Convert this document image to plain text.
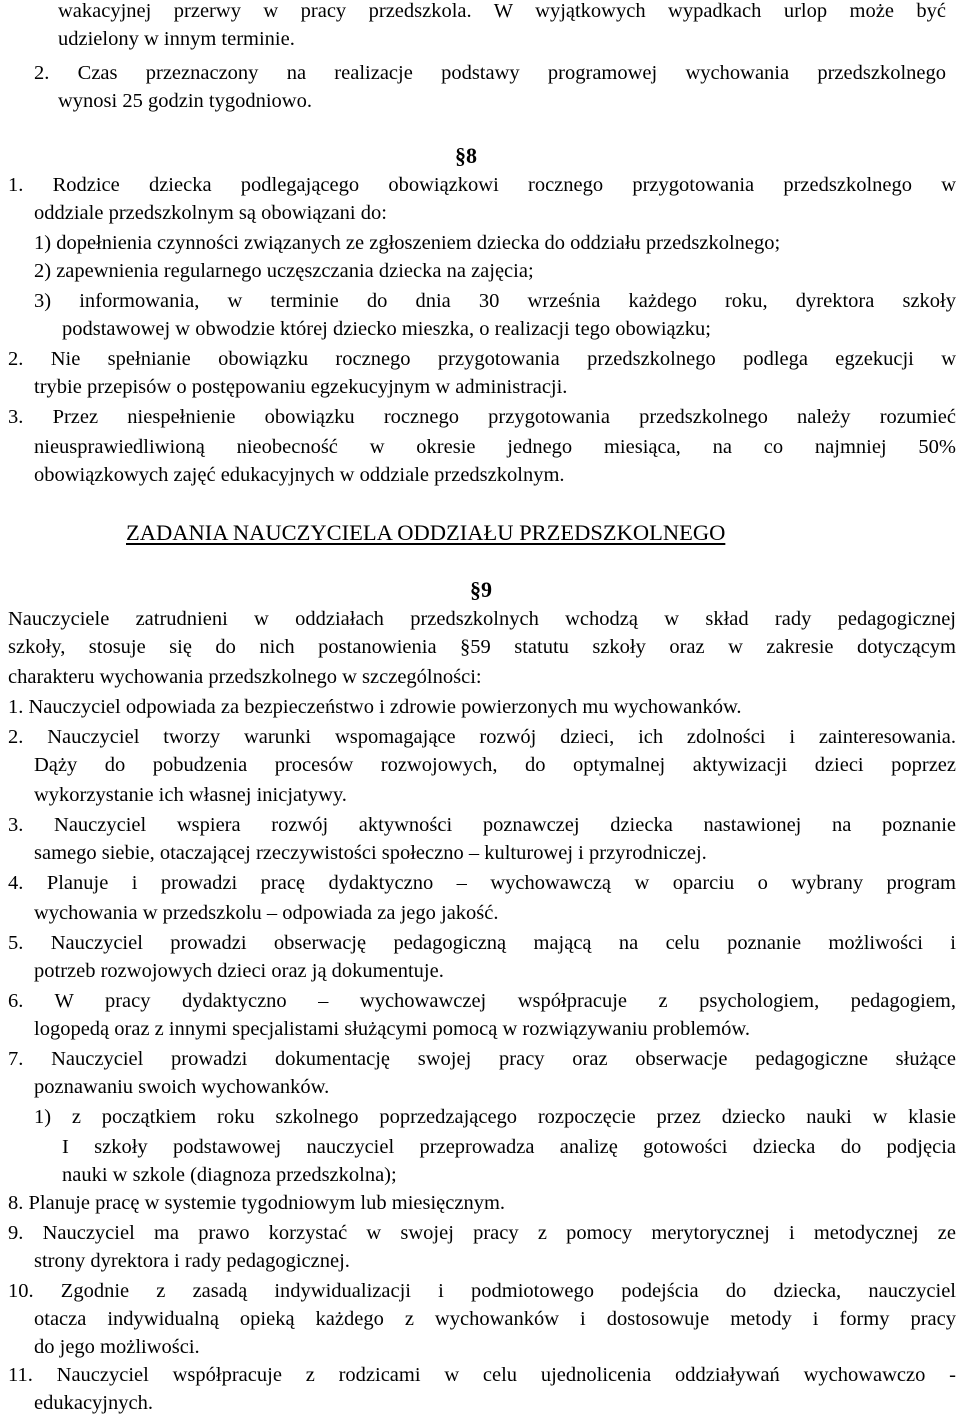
wakacyjnej przerwy w pracy przedszkola. W wyjątkowych wypadkach urlop może być
udzielony w innym terminie.
2. Czas przeznaczony na realizacje podstawy programowej wychowania przedszkolnego
wynosi 25 godzin tygodniowo.
§8
1. Rodzice dziecka podlegającego obowiązkowi rocznego przygotowania przedszkolnego w
oddziale przedszkolnym są obowiązani do:
1) dopełnienia czynności związanych ze zgłoszeniem dziecka do oddziału przedszkolnego;
2) zapewnienia regularnego uczęszczania dziecka na zajęcia;
3) informowania, w terminie do dnia 30 września każdego roku, dyrektora szkoły
podstawowej w obwodzie której dziecko mieszka, o realizacji tego obowiązku;
2. Nie spełnianie obowiązku rocznego przygotowania przedszkolnego podlega egzekucji w
trybie przepisów o postępowaniu egzekucyjnym w administracji.
3. Przez niespełnienie obowiązku rocznego przygotowania przedszkolnego należy rozumieć
nieusprawiedliwioną nieobecność w okresie jednego miesiąca, na co najmniej 50%
obowiązkowych zajęć edukacyjnych w oddziale przedszkolnym.
ZADANIA NAUCZYCIELA ODDZIAŁU PRZEDSZKOLNEGO
§9
Nauczyciele zatrudnieni w oddziałach przedszkolnych wchodzą w skład rady pedagogicznej
szkoły, stosuje się do nich postanowienia §59 statutu szkoły oraz w zakresie dotyczącym
charakteru wychowania przedszkolnego w szczególności:
1. Nauczyciel odpowiada za bezpieczeństwo i zdrowie powierzonych mu wychowanków.
2. Nauczyciel tworzy warunki wspomagające rozwój dzieci, ich zdolności i zainteresowania.
Dąży do pobudzenia procesów rozwojowych, do optymalnej aktywizacji dzieci poprzez
wykorzystanie ich własnej inicjatywy.
3. Nauczyciel wspiera rozwój aktywności poznawczej dziecka nastawionej na poznanie
samego siebie, otaczającej rzeczywistości społeczno – kulturowej i przyrodniczej.
4. Planuje i prowadzi pracę dydaktyczno – wychowawczą w oparciu o wybrany program
wychowania w przedszkolu – odpowiada za jego jakość.
5. Nauczyciel prowadzi obserwację pedagogiczną mającą na celu poznanie możliwości i
potrzeb rozwojowych dzieci oraz ją dokumentuje.
6. W pracy dydaktyczno – wychowawczej współpracuje z psychologiem, pedagogiem,
logopedą oraz z innymi specjalistami służącymi pomocą w rozwiązywaniu problemów.
7. Nauczyciel prowadzi dokumentację swojej pracy oraz obserwacje pedagogiczne służące
poznawaniu swoich wychowanków.
1) z początkiem roku szkolnego poprzedzającego rozpoczęcie przez dziecko nauki w klasie
I szkoły podstawowej nauczyciel przeprowadza analizę gotowości dziecka do podjęcia
nauki w szkole (diagnoza przedszkolna);
8. Planuje pracę w systemie tygodniowym lub miesięcznym.
9. Nauczyciel ma prawo korzystać w swojej pracy z pomocy merytorycznej i metodycznej ze
strony dyrektora i rady pedagogicznej.
10. Zgodnie z zasadą indywidualizacji i podmiotowego podejścia do dziecka, nauczyciel
otacza indywidualną opieką każdego z wychowanków i dostosowuje metody i formy pracy
do jego możliwości.
11. Nauczyciel współpracuje z rodzicami w celu ujednolicenia oddziaływań wychowawczo -
edukacyjnych.
